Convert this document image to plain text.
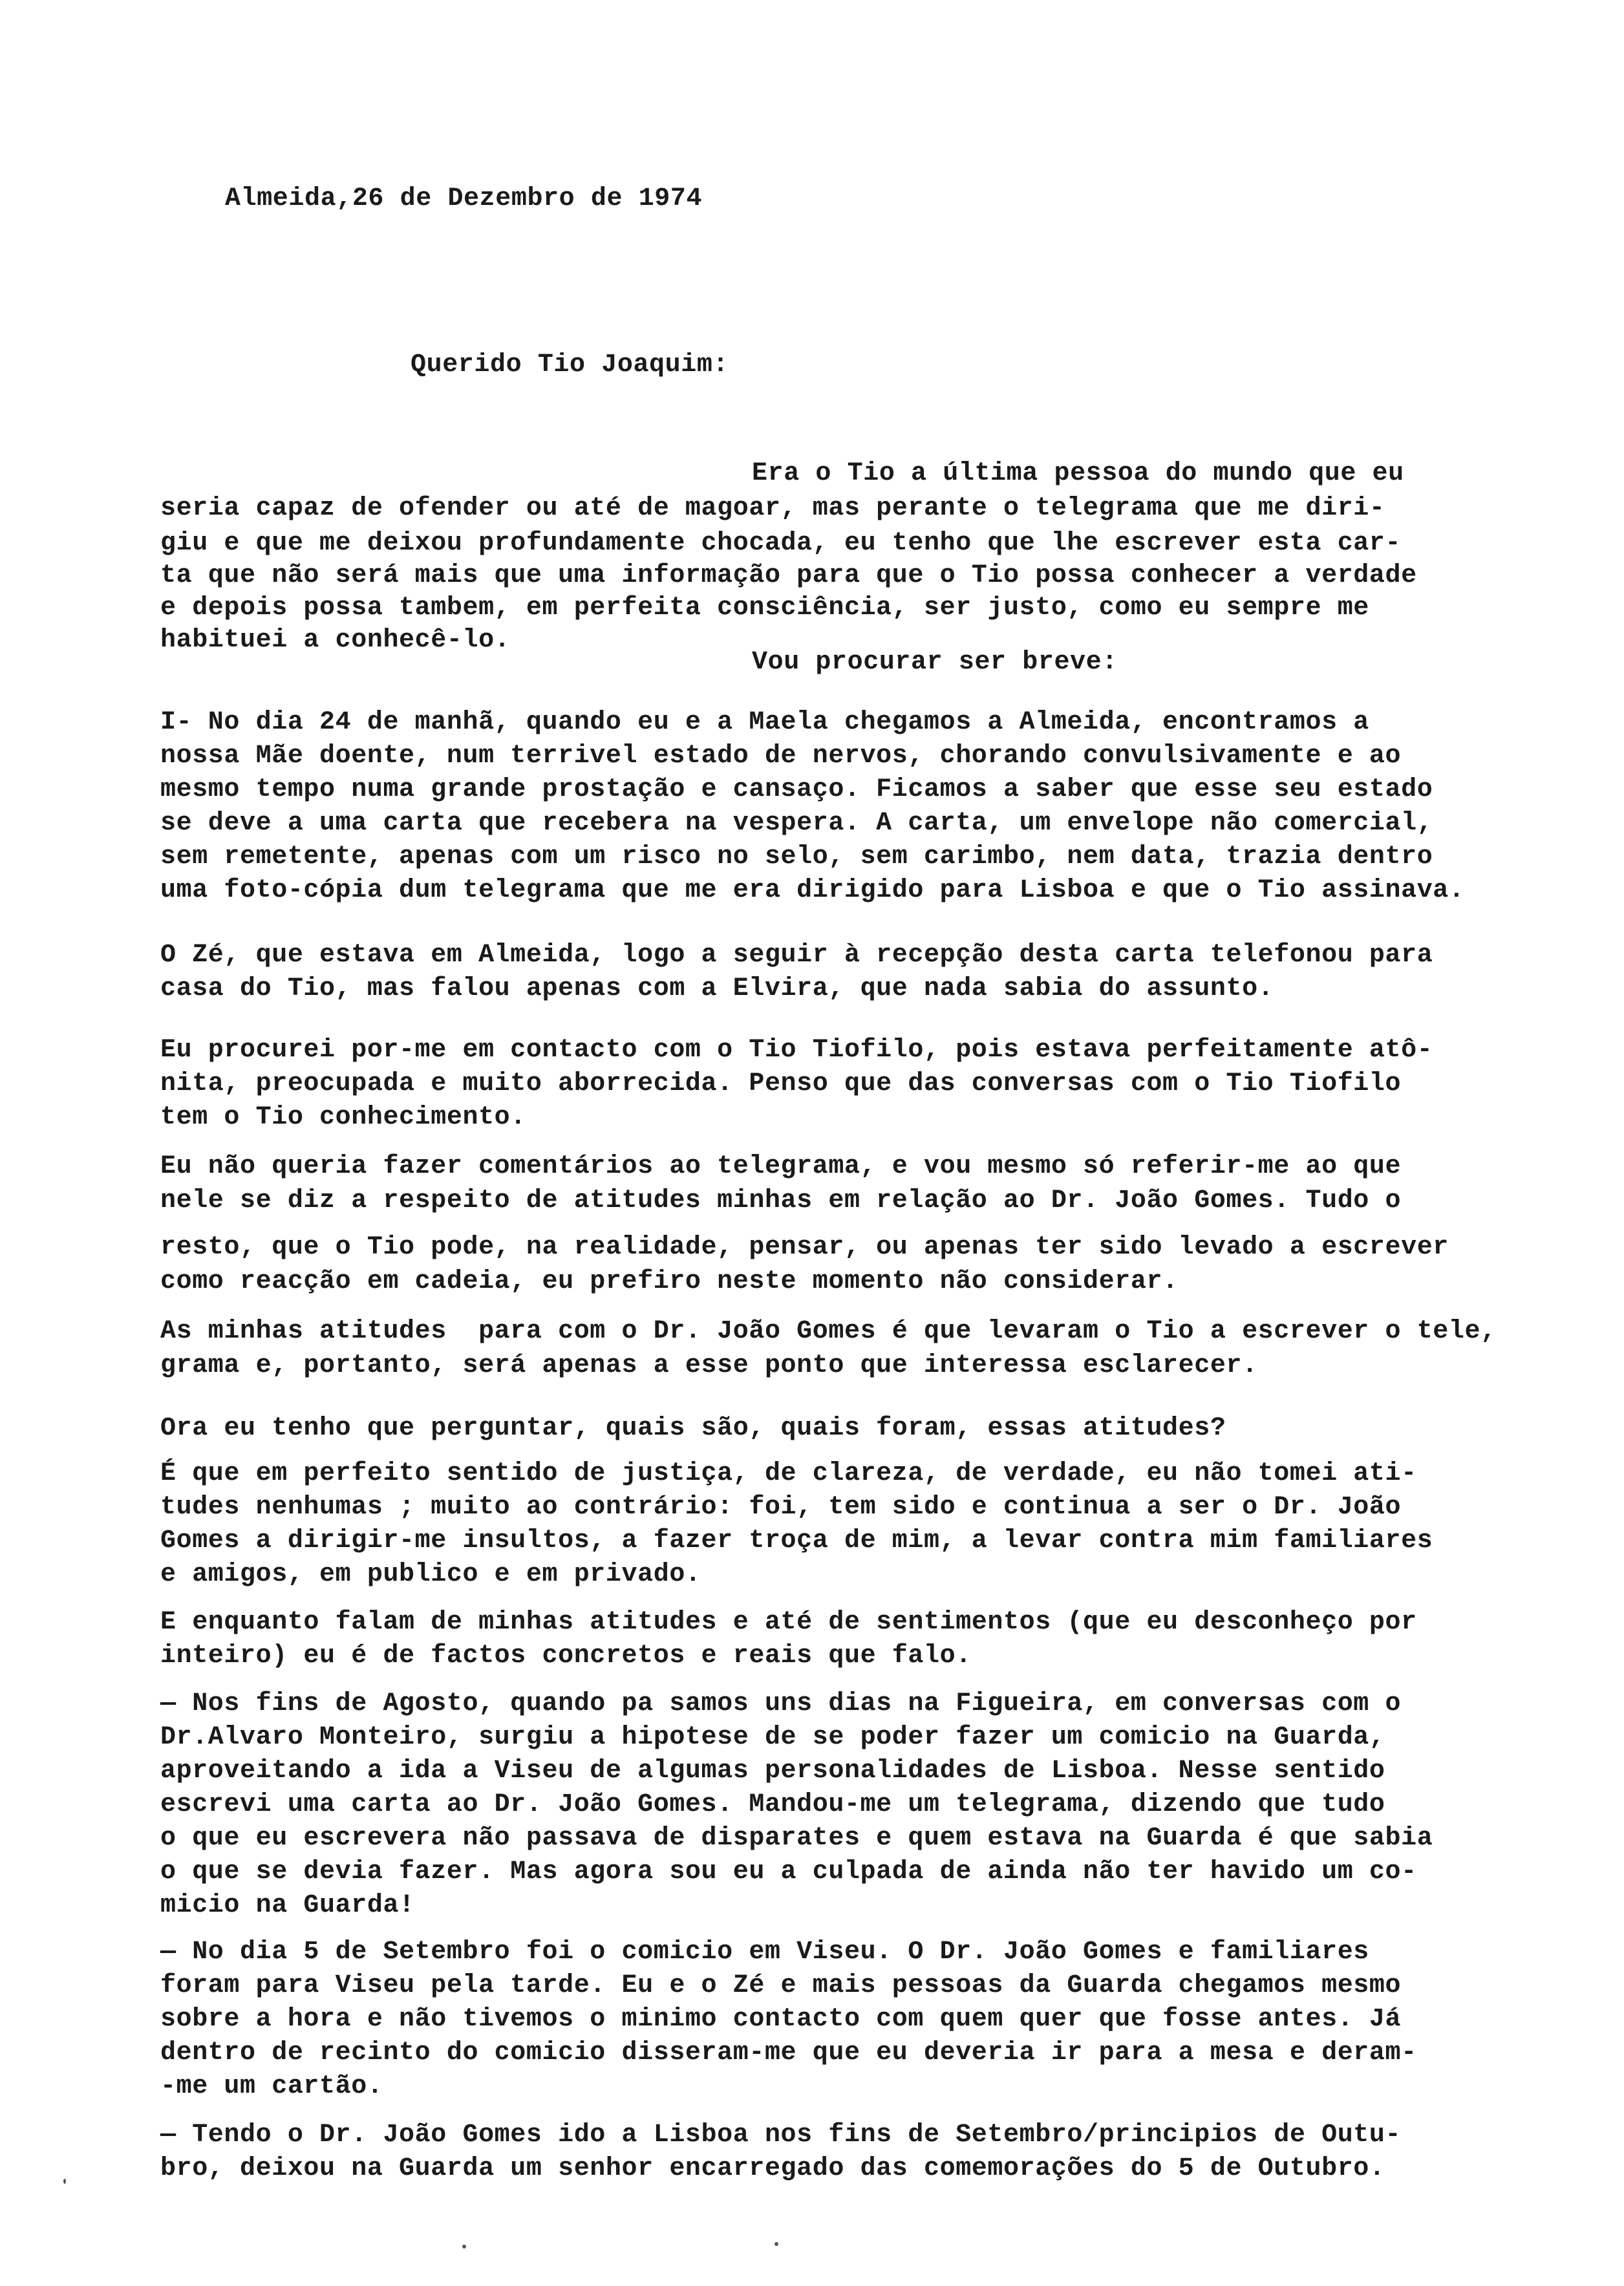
Almeida,26 de Dezembro de 1974
Querido Tio Joaquim:
Era o Tio a última pessoa do mundo que eu
seria capaz de ofender ou até de magoar, mas perante o telegrama que me diri-
giu e que me deixou profundamente chocada, eu tenho que lhe escrever esta car-
ta que não será mais que uma informação para que o Tio possa conhecer a verdade
e depois possa tambem, em perfeita consciência, ser justo, como eu sempre me
habituei a conhecê-lo.
Vou procurar ser breve:
I- No dia 24 de manhã, quando eu e a Maela chegamos a Almeida, encontramos a
nossa Mãe doente, num terrivel estado de nervos, chorando convulsivamente e ao
mesmo tempo numa grande prostação e cansaço. Ficamos a saber que esse seu estado
se deve a uma carta que recebera na vespera. A carta, um envelope não comercial,
sem remetente, apenas com um risco no selo, sem carimbo, nem data, trazia dentro
uma foto-cópia dum telegrama que me era dirigido para Lisboa e que o Tio assinava.
O Zé, que estava em Almeida, logo a seguir à recepção desta carta telefonou para
casa do Tio, mas falou apenas com a Elvira, que nada sabia do assunto.
Eu procurei por-me em contacto com o Tio Tiofilo, pois estava perfeitamente atô-
nita, preocupada e muito aborrecida. Penso que das conversas com o Tio Tiofilo
tem o Tio conhecimento.
Eu não queria fazer comentários ao telegrama, e vou mesmo só referir-me ao que
nele se diz a respeito de atitudes minhas em relação ao Dr. João Gomes. Tudo o
resto, que o Tio pode, na realidade, pensar, ou apenas ter sido levado a escrever
como reacção em cadeia, eu prefiro neste momento não considerar.
As minhas atitudes  para com o Dr. João Gomes é que levaram o Tio a escrever o tele,
grama e, portanto, será apenas a esse ponto que interessa esclarecer.
Ora eu tenho que perguntar, quais são, quais foram, essas atitudes?
É que em perfeito sentido de justiça, de clareza, de verdade, eu não tomei ati-
tudes nenhumas ; muito ao contrário: foi, tem sido e continua a ser o Dr. João
Gomes a dirigir-me insultos, a fazer troça de mim, a levar contra mim familiares
e amigos, em publico e em privado.
E enquanto falam de minhas atitudes e até de sentimentos (que eu desconheço por
inteiro) eu é de factos concretos e reais que falo.
— Nos fins de Agosto, quando pa samos uns dias na Figueira, em conversas com o
Dr.Alvaro Monteiro, surgiu a hipotese de se poder fazer um comicio na Guarda,
aproveitando a ida a Viseu de algumas personalidades de Lisboa. Nesse sentido
escrevi uma carta ao Dr. João Gomes. Mandou-me um telegrama, dizendo que tudo
o que eu escrevera não passava de disparates e quem estava na Guarda é que sabia
o que se devia fazer. Mas agora sou eu a culpada de ainda não ter havido um co-
micio na Guarda!
— No dia 5 de Setembro foi o comicio em Viseu. O Dr. João Gomes e familiares
foram para Viseu pela tarde. Eu e o Zé e mais pessoas da Guarda chegamos mesmo
sobre a hora e não tivemos o minimo contacto com quem quer que fosse antes. Já
dentro de recinto do comicio disseram-me que eu deveria ir para a mesa e deram-
-me um cartão.
— Tendo o Dr. João Gomes ido a Lisboa nos fins de Setembro/principios de Outu-
bro, deixou na Guarda um senhor encarregado das comemorações do 5 de Outubro.
